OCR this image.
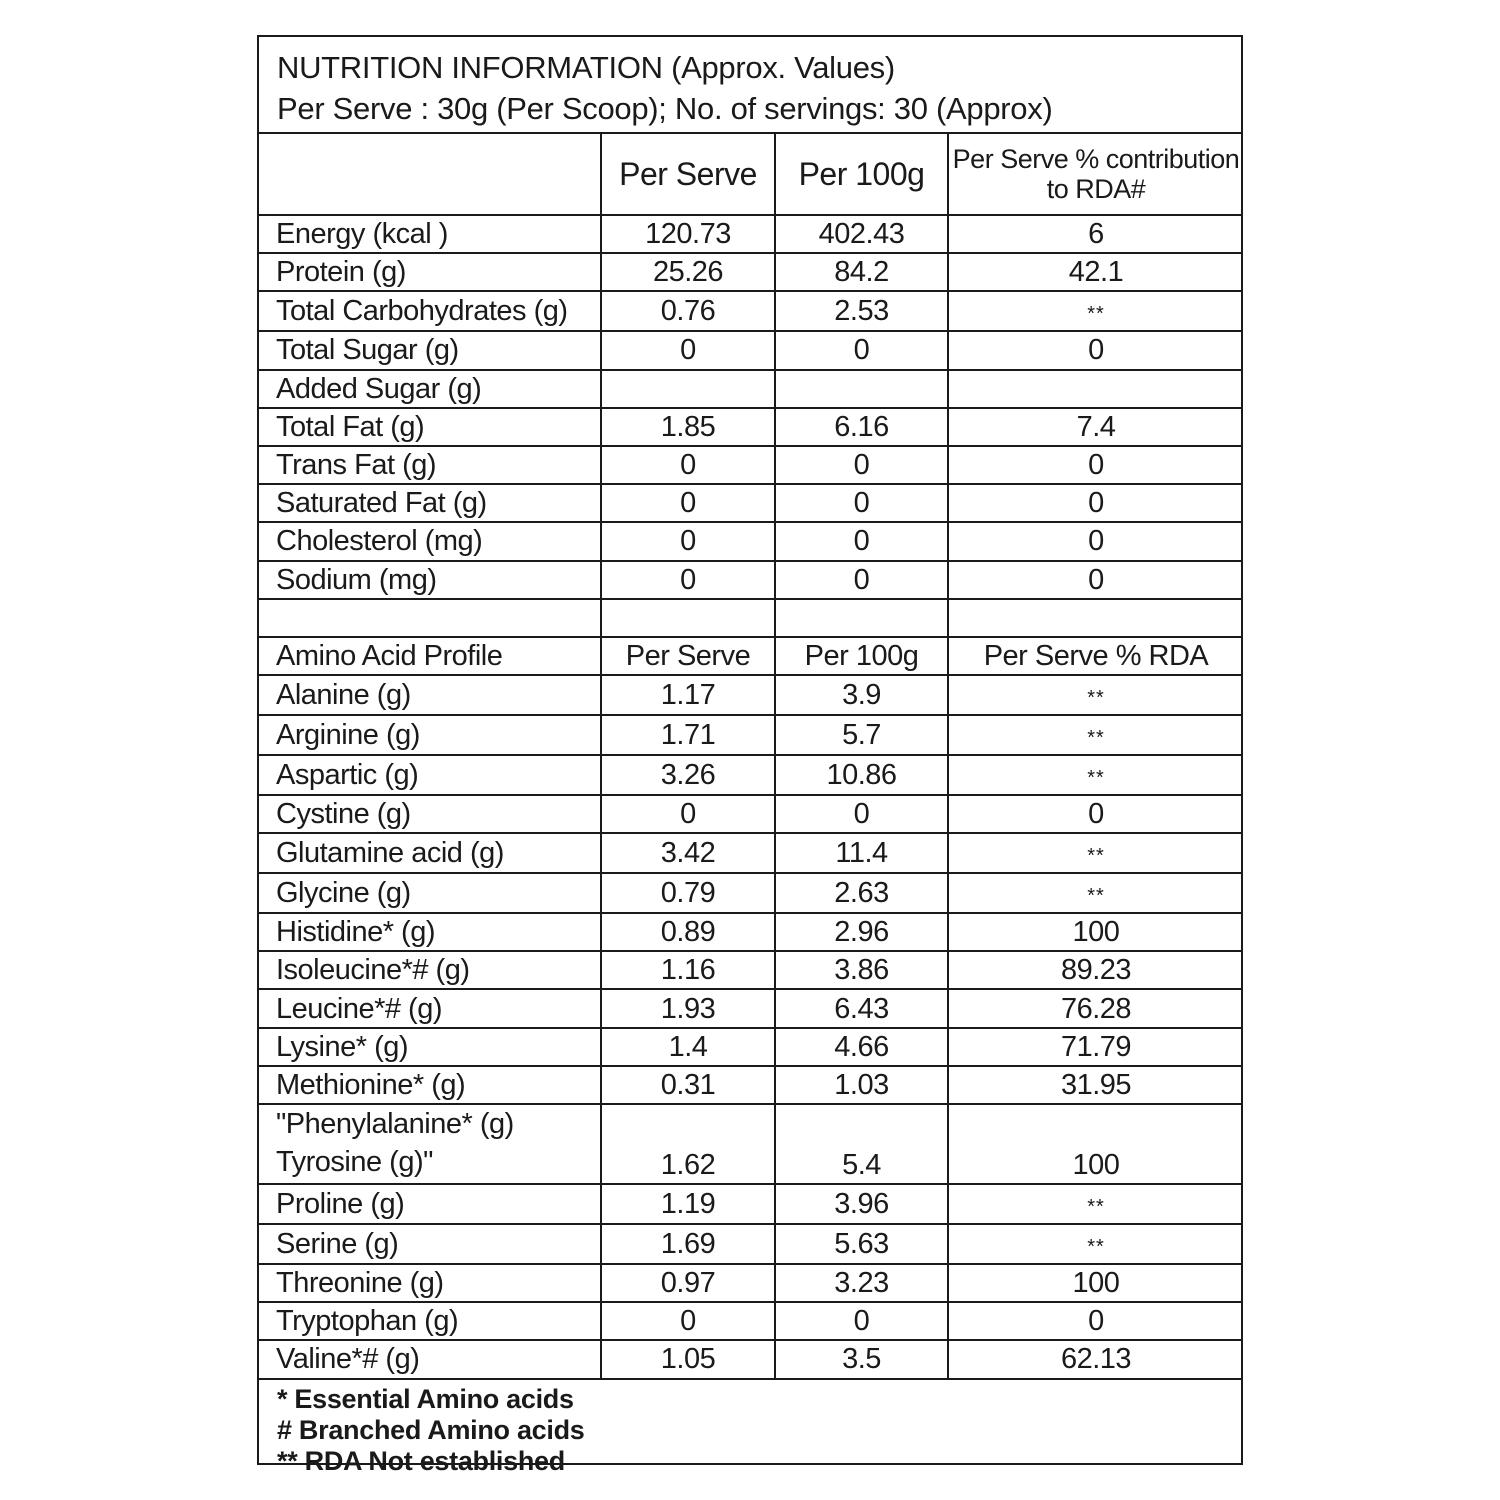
NUTRITION INFORMATION (Approx. Values)
Per Serve : 30g (Per Scoop); No. of servings: 30 (Approx)
	Per Serve	Per 100g	Per Serve % contribution to RDA#
Energy (kcal )	120.73	402.43	6
Protein (g)	25.26	84.2	42.1
Total Carbohydrates (g)	0.76	2.53	**
Total Sugar (g)	0	0	0
Added Sugar (g)			
Total Fat (g)	1.85	6.16	7.4
Trans Fat (g)	0	0	0
Saturated Fat (g)	0	0	0
Cholesterol (mg)	0	0	0
Sodium (mg)	0	0	0

Amino Acid Profile	Per Serve	Per 100g	Per Serve % RDA
Alanine (g)	1.17	3.9	**
Arginine (g)	1.71	5.7	**
Aspartic (g)	3.26	10.86	**
Cystine (g)	0	0	0
Glutamine acid (g)	3.42	11.4	**
Glycine (g)	0.79	2.63	**
Histidine* (g)	0.89	2.96	100
Isoleucine*# (g)	1.16	3.86	89.23
Leucine*# (g)	1.93	6.43	76.28
Lysine* (g)	1.4	4.66	71.79
Methionine* (g)	0.31	1.03	31.95
"Phenylalanine* (g) Tyrosine (g)"	1.62	5.4	100
Proline (g)	1.19	3.96	**
Serine (g)	1.69	5.63	**
Threonine (g)	0.97	3.23	100
Tryptophan (g)	0	0	0
Valine*# (g)	1.05	3.5	62.13
* Essential Amino acids
# Branched Amino acids
** RDA Not established
